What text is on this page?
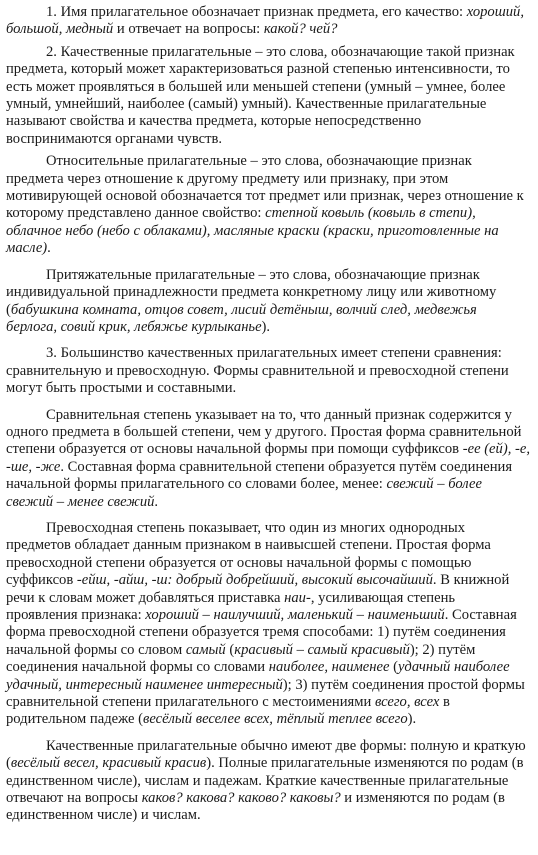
1. Имя прилагательное обозначает признак предмета, его качество: хороший, большой, медный и отвечает на вопросы: какой? чей?

2. Качественные прилагательные – это слова, обозначающие такой признак предмета, который может характеризоваться разной степенью интенсивности, то есть может проявляться в большей или меньшей степени (умный – умнее, более умный, умнейший, наиболее (самый) умный). Качественные прилагательные называют свойства и качества предмета, которые непосредственно воспринимаются органами чувств.

Относительные прилагательные – это слова, обозначающие признак предмета через отношение к другому предмету или признаку, при этом мотивирующей основой обозначается тот предмет или признак, через отношение к которому представлено данное свойство: степной ковыль (ковыль в степи), облачное небо (небо с облаками), масляные краски (краски, приготовленные на масле).

Притяжательные прилагательные – это слова, обозначающие признак индивидуальной принадлежности предмета конкретному лицу или животному (бабушкина комната, отцов совет, лисий детёныш, волчий след, медвежья берлога, совий крик, лебяжье курлыканье).

3. Большинство качественных прилагательных имеет степени сравнения: сравнительную и превосходную. Формы сравнительной и превосходной степени могут быть простыми и составными.

Сравнительная степень указывает на то, что данный признак содержится у одного предмета в большей степени, чем у другого. Простая форма сравнительной степени образуется от основы начальной формы при помощи суффиксов -ее (ей), -е, -ше, -же. Составная форма сравнительной степени образуется путём соединения начальной формы прилагательного со словами более, менее: свежий – более свежий – менее свежий.

Превосходная степень показывает, что один из многих однородных предметов обладает данным признаком в наивысшей степени. Простая форма превосходной степени образуется от основы начальной формы с помощью суффиксов -ейш, -айш, -ш: добрый добрейший, высокий высочайший. В книжной речи к словам может добавляться приставка наи-, усиливающая степень проявления признака: хороший – наилучший, маленький – наименьший. Составная форма превосходной степени образуется тремя способами: 1) путём соединения начальной формы со словом самый (красивый – самый красивый); 2) путём соединения начальной формы со словами наиболее, наименее (удачный наиболее удачный, интересный наименее интересный); 3) путём соединения простой формы сравнительной степени прилагательного с местоимениями всего, всех в родительном падеже (весёлый веселее всех, тёплый теплее всего).

Качественные прилагательные обычно имеют две формы: полную и краткую (весёлый весел, красивый красив). Полные прилагательные изменяются по родам (в единственном числе), числам и падежам. Краткие качественные прилагательные отвечают на вопросы каков? какова? каково? каковы? и изменяются по родам (в единственном числе) и числам.
